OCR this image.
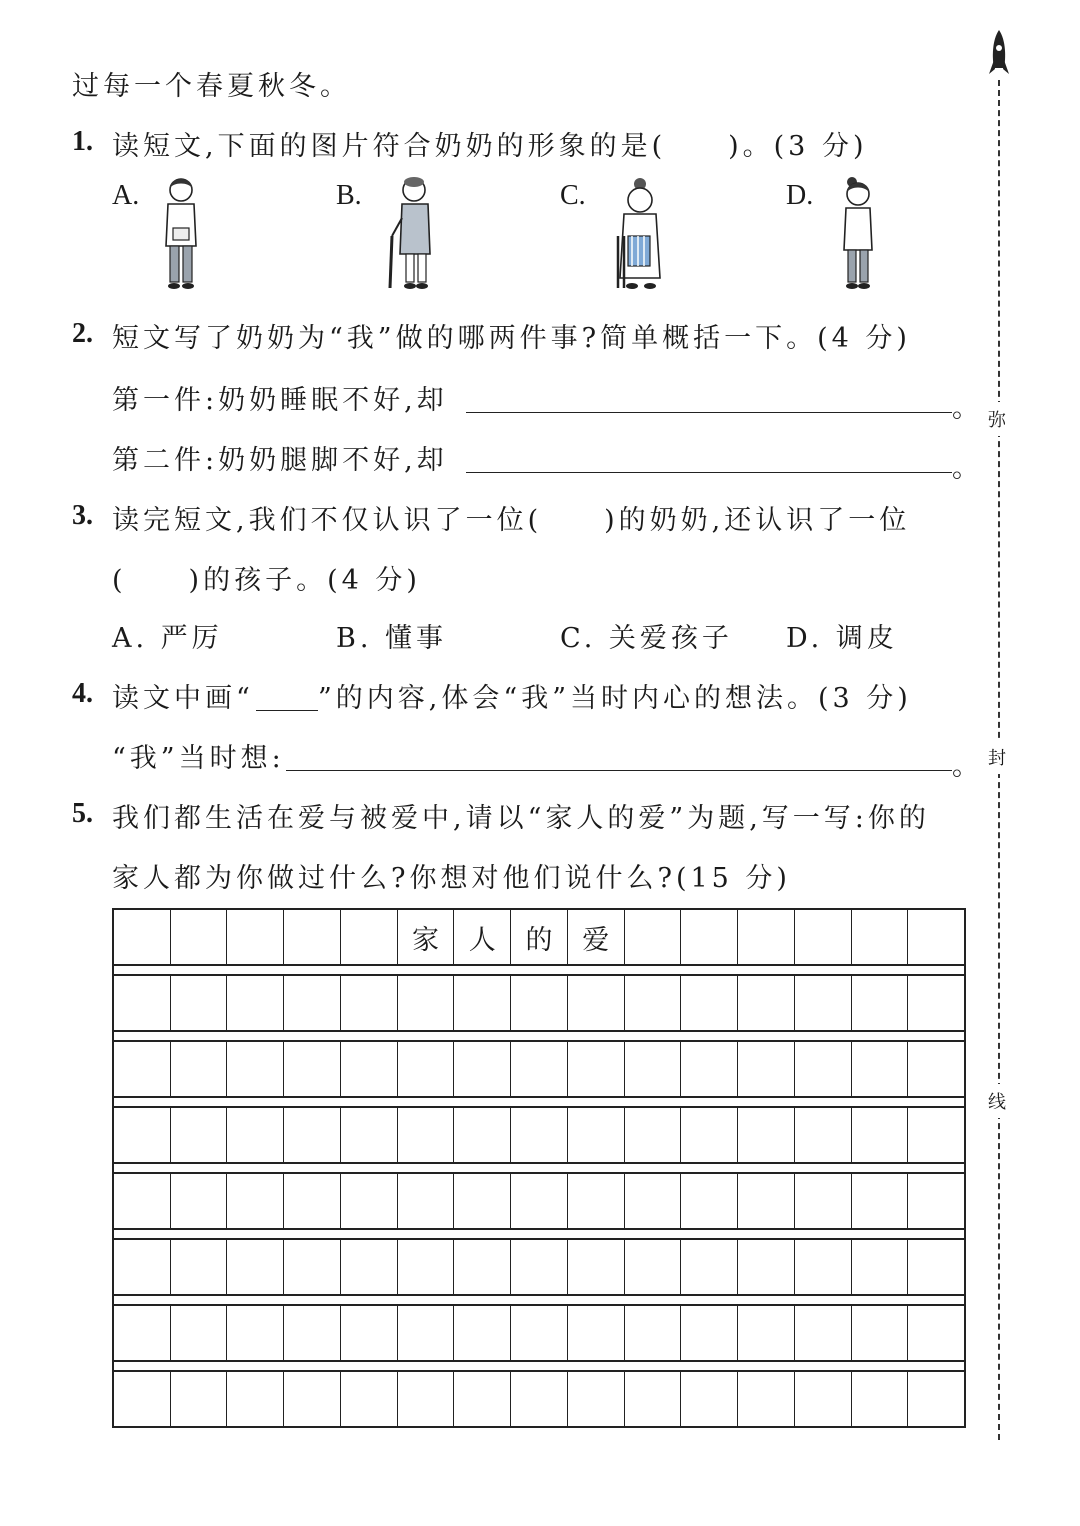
弥
封
线
过每一个春夏秋冬。
1. 读短文,下面的图片符合奶奶的形象的是(　　)。(3 分)
A.	B.	C.	D.
2. 短文写了奶奶为“我”做的哪两件事?简单概括一下。(4 分)
第一件:奶奶睡眠不好,却	。
第二件:奶奶腿脚不好,却	。
3. 读完短文,我们不仅认识了一位(　　)的奶奶,还认识了一位
(　　)的孩子。(4 分)
A. 严厉	B. 懂事	C. 关爱孩子 D. 调皮
4. 读文中画“ ”的内容,体会“我”当时内心的想法。(3 分)
“我”当时想:	。
5. 我们都生活在爱与被爱中,请以“家人的爱”为题,写一写:你的
家人都为你做过什么?你想对他们说什么?(15 分)
家	人	的	爱
